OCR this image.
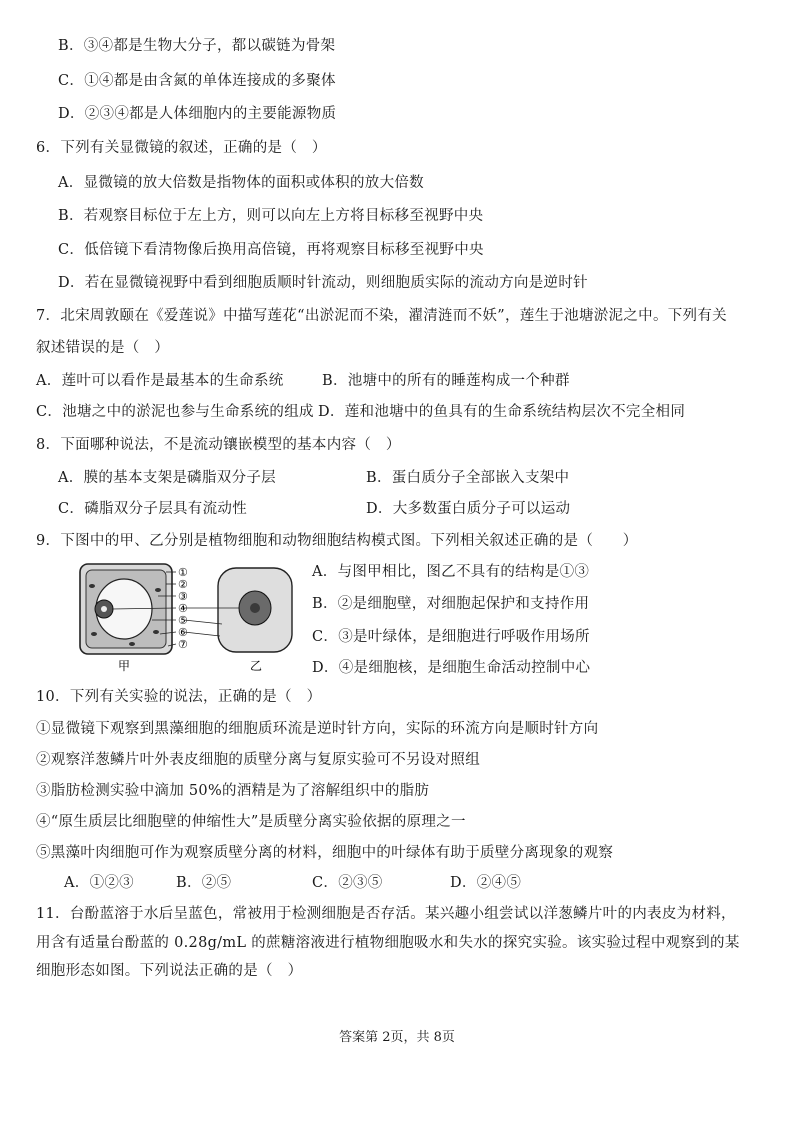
B．③④都是生物大分子，都以碳链为骨架
C．①④都是由含氮的单体连接成的多聚体
D．②③④都是人体细胞内的主要能源物质
6．下列有关显微镜的叙述，正确的是（　）
A．显微镜的放大倍数是指物体的面积或体积的放大倍数
B．若观察目标位于左上方，则可以向左上方将目标移至视野中央
C．低倍镜下看清物像后换用高倍镜，再将观察目标移至视野中央
D．若在显微镜视野中看到细胞质顺时针流动，则细胞质实际的流动方向是逆时针
7．北宋周敦颐在《爱莲说》中描写莲花“出淤泥而不染，濯清涟而不妖”，莲生于池塘淤泥之中。下列有关
叙述错误的是（　）
A．莲叶可以看作是最基本的生命系统	B．池塘中的所有的睡莲构成一个种群
C．池塘之中的淤泥也参与生命系统的组成 D．莲和池塘中的鱼具有的生命系统结构层次不完全相同
8．下面哪种说法，不是流动镶嵌模型的基本内容（　）
A．膜的基本支架是磷脂双分子层	B．蛋白质分子全部嵌入支架中
C．磷脂双分子层具有流动性	D．大多数蛋白质分子可以运动
9．下图中的甲、乙分别是植物细胞和动物细胞结构模式图。下列相关叙述正确的是（　　）
①
②
③
④
⑤
⑥
⑦
甲	乙
A．与图甲相比，图乙不具有的结构是①③
B．②是细胞壁，对细胞起保护和支持作用
C．③是叶绿体，是细胞进行呼吸作用场所
D．④是细胞核，是细胞生命活动控制中心
10．下列有关实验的说法，正确的是（　）
①显微镜下观察到黑藻细胞的细胞质环流是逆时针方向，实际的环流方向是顺时针方向
②观察洋葱鳞片叶外表皮细胞的质壁分离与复原实验可不另设对照组
③脂肪检测实验中滴加 50%的酒精是为了溶解组织中的脂肪
④“原生质层比细胞壁的伸缩性大”是质壁分离实验依据的原理之一
⑤黑藻叶肉细胞可作为观察质壁分离的材料，细胞中的叶绿体有助于质壁分离现象的观察
A．①②③	B．②⑤	C．②③⑤	D．②④⑤
11．台酚蓝溶于水后呈蓝色，常被用于检测细胞是否存活。某兴趣小组尝试以洋葱鳞片叶的内表皮为材料，
用含有适量台酚蓝的 0.28g/mL 的蔗糖溶液进行植物细胞吸水和失水的探究实验。该实验过程中观察到的某
细胞形态如图。下列说法正确的是（　）
答案第 2页，共 8页
